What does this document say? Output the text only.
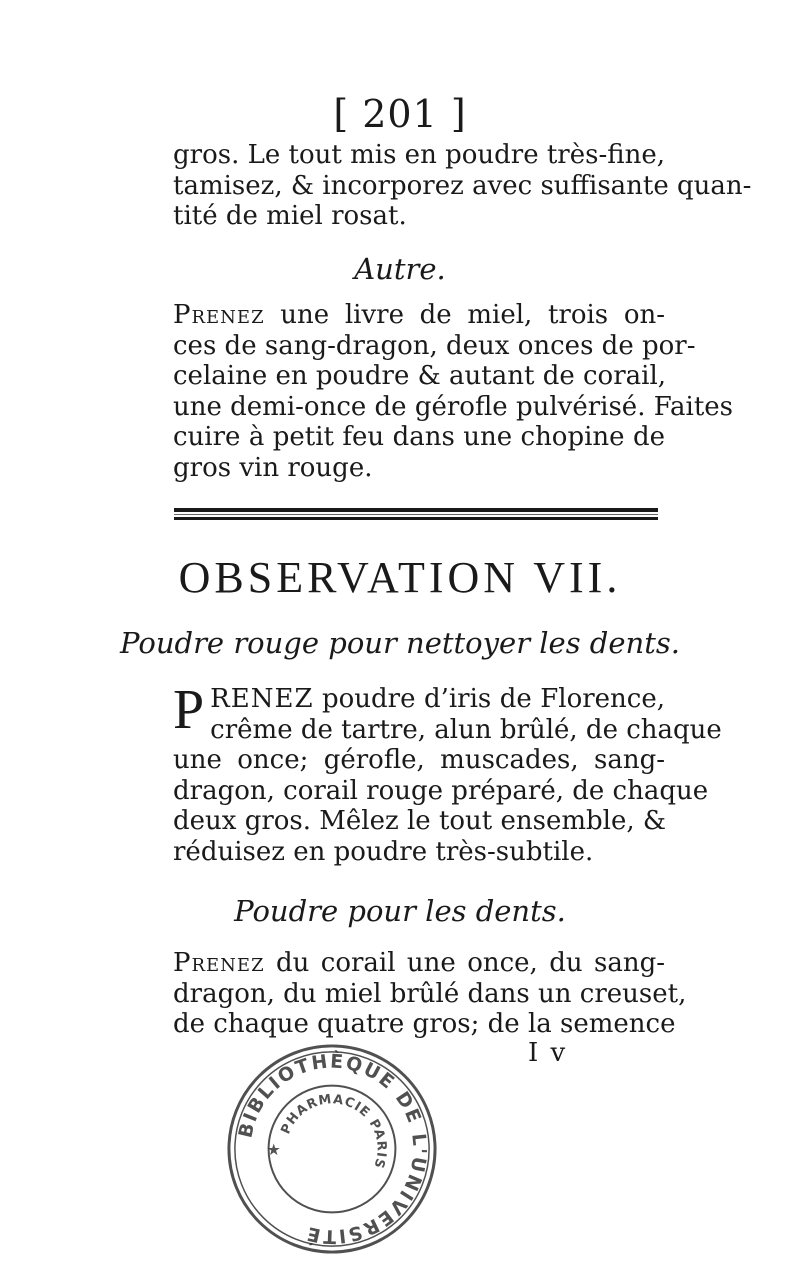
[ 201 ]
gros. Le tout mis en poudre très-fine,
tamisez, & incorporez avec suffisante quan-
tité de miel rosat.
Autre.
Prenez une livre de miel, trois on-
ces de sang-dragon, deux onces de por-
celaine en poudre & autant de corail,
une demi-once de gérofle pulvérisé. Faites
cuire à petit feu dans une chopine de
gros vin rouge.
OBSERVATION VII.
Poudre rouge pour nettoyer les dents.
P RENEZ poudre d’iris de Florence,
crême de tartre, alun brûlé, de chaque
une once; gérofle, muscades, sang-
dragon, corail rouge préparé, de chaque
deux gros. Mêlez le tout ensemble, &
réduisez en poudre très-subtile.
Poudre pour les dents.
Prenez du corail une once, du sang-
dragon, du miel brûlé dans un creuset,
de chaque quatre gros; de la semence
I v
BIBLIOTHÈQUE DE L'UNIVERSITÉ
PHARMACIE PARIS
★
